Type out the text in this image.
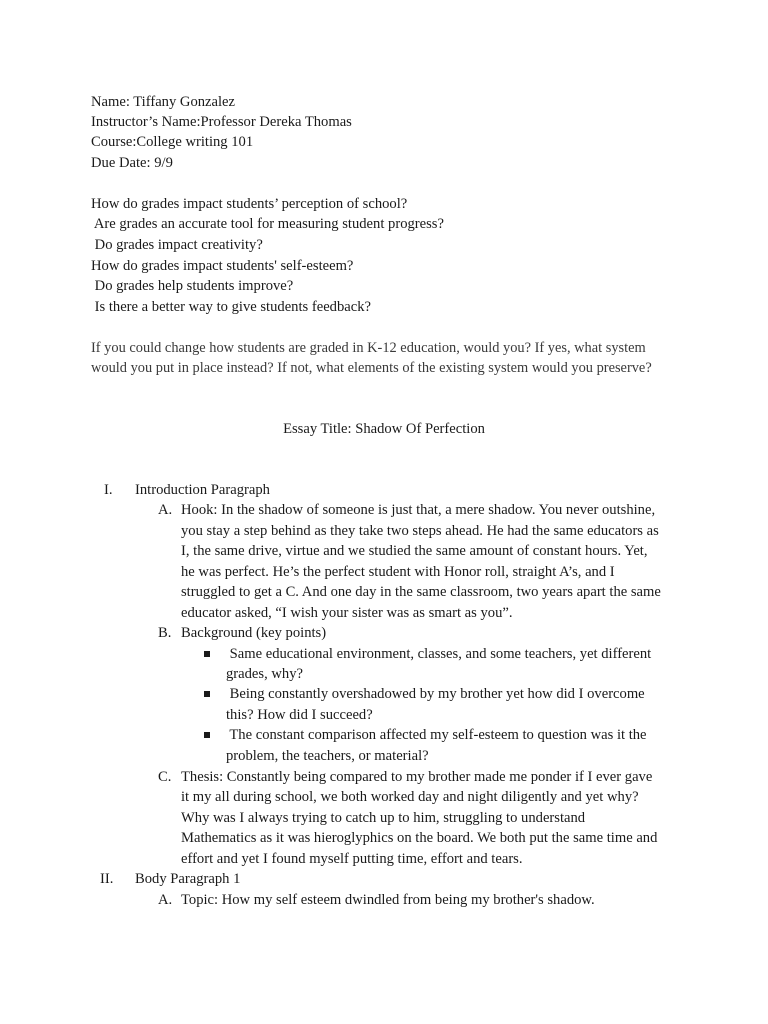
Name: Tiffany Gonzalez
Instructor’s Name:Professor Dereka Thomas
Course:College writing 101
Due Date: 9/9
How do grades impact students’ perception of school?
Are grades an accurate tool for measuring student progress?
Do grades impact creativity?
How do grades impact students' self-esteem?
Do grades help students improve?
Is there a better way to give students feedback?
If you could change how students are graded in K-12 education, would you? If yes, what system
would you put in place instead? If not, what elements of the existing system would you preserve?
Essay Title: Shadow Of Perfection
I. Introduction Paragraph
A. Hook: In the shadow of someone is just that, a mere shadow. You never outshine,
you stay a step behind as they take two steps ahead. He had the same educators as
I, the same drive, virtue and we studied the same amount of constant hours. Yet,
he was perfect. He’s the perfect student with Honor roll, straight A’s, and I
struggled to get a C. And one day in the same classroom, two years apart the same
educator asked, “I wish your sister was as smart as you”.
B. Background (key points)
Same educational environment, classes, and some teachers, yet different
grades, why?
Being constantly overshadowed by my brother yet how did I overcome
this? How did I succeed?
The constant comparison affected my self-esteem to question was it the
problem, the teachers, or material?
C. Thesis: Constantly being compared to my brother made me ponder if I ever gave
it my all during school, we both worked day and night diligently and yet why?
Why was I always trying to catch up to him, struggling to understand
Mathematics as it was hieroglyphics on the board. We both put the same time and
effort and yet I found myself putting time, effort and tears.
II. Body Paragraph 1
A. Topic: How my self esteem dwindled from being my brother's shadow.
